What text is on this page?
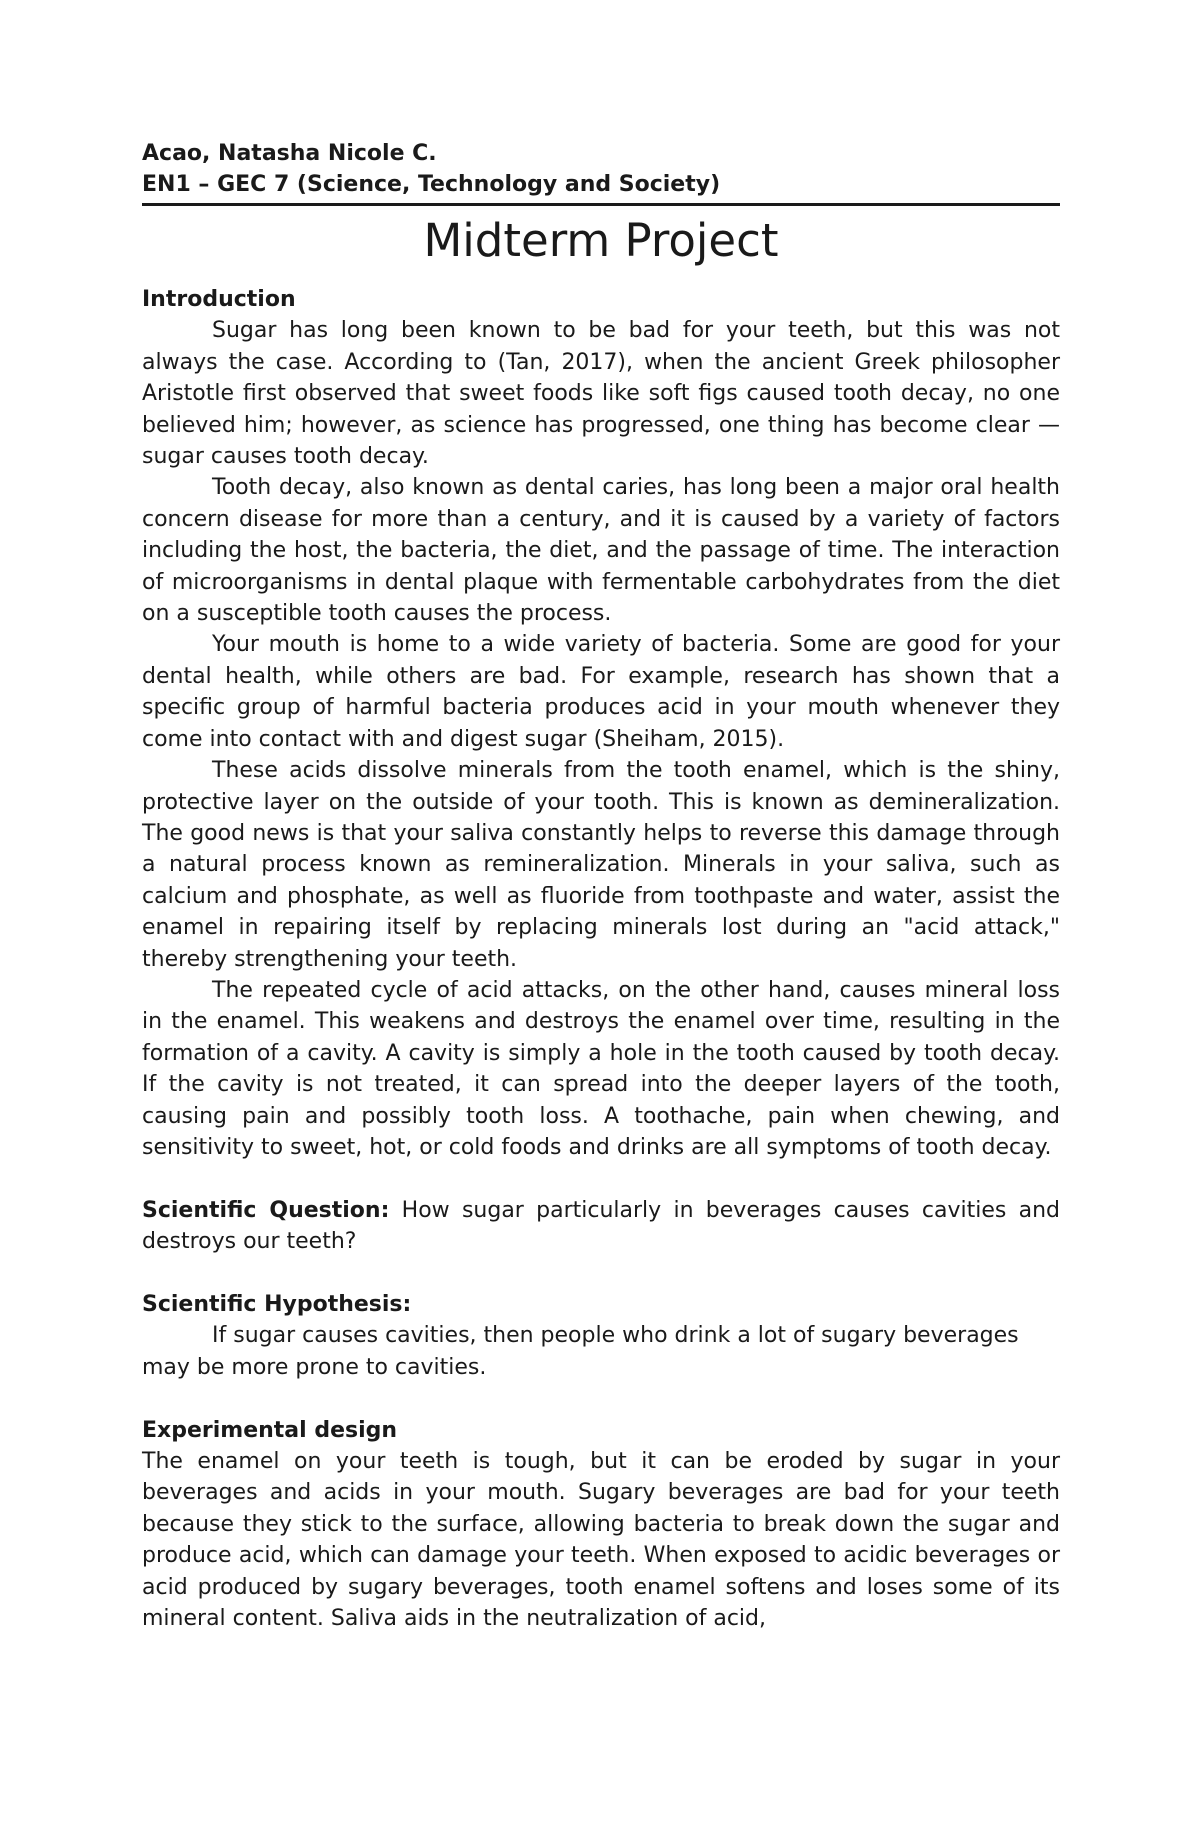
Acao, Natasha Nicole C.

EN1 – GEC 7 (Science, Technology and Society)

Midterm Project

Introduction

Sugar has long been known to be bad for your teeth, but this was not always the case. According to (Tan, 2017), when the ancient Greek philosopher Aristotle first observed that sweet foods like soft figs caused tooth decay, no one believed him; however, as science has progressed, one thing has become clear — sugar causes tooth decay.

Tooth decay, also known as dental caries, has long been a major oral health concern disease for more than a century, and it is caused by a variety of factors including the host, the bacteria, the diet, and the passage of time. The interaction of microorganisms in dental plaque with fermentable carbohydrates from the diet on a susceptible tooth causes the process.

Your mouth is home to a wide variety of bacteria. Some are good for your dental health, while others are bad. For example, research has shown that a specific group of harmful bacteria produces acid in your mouth whenever they come into contact with and digest sugar (Sheiham, 2015).

These acids dissolve minerals from the tooth enamel, which is the shiny, protective layer on the outside of your tooth. This is known as demineralization. The good news is that your saliva constantly helps to reverse this damage through a natural process known as remineralization. Minerals in your saliva, such as calcium and phosphate, as well as fluoride from toothpaste and water, assist the enamel in repairing itself by replacing minerals lost during an "acid attack," thereby strengthening your teeth.

The repeated cycle of acid attacks, on the other hand, causes mineral loss in the enamel. This weakens and destroys the enamel over time, resulting in the formation of a cavity. A cavity is simply a hole in the tooth caused by tooth decay. If the cavity is not treated, it can spread into the deeper layers of the tooth, causing pain and possibly tooth loss. A toothache, pain when chewing, and sensitivity to sweet, hot, or cold foods and drinks are all symptoms of tooth decay.

Scientific Question: How sugar particularly in beverages causes cavities and destroys our teeth?

Scientific Hypothesis:

If sugar causes cavities, then people who drink a lot of sugary beverages may be more prone to cavities.

Experimental design

The enamel on your teeth is tough, but it can be eroded by sugar in your beverages and acids in your mouth. Sugary beverages are bad for your teeth because they stick to the surface, allowing bacteria to break down the sugar and produce acid, which can damage your teeth. When exposed to acidic beverages or acid produced by sugary beverages, tooth enamel softens and loses some of its mineral content. Saliva aids in the neutralization of acid,
